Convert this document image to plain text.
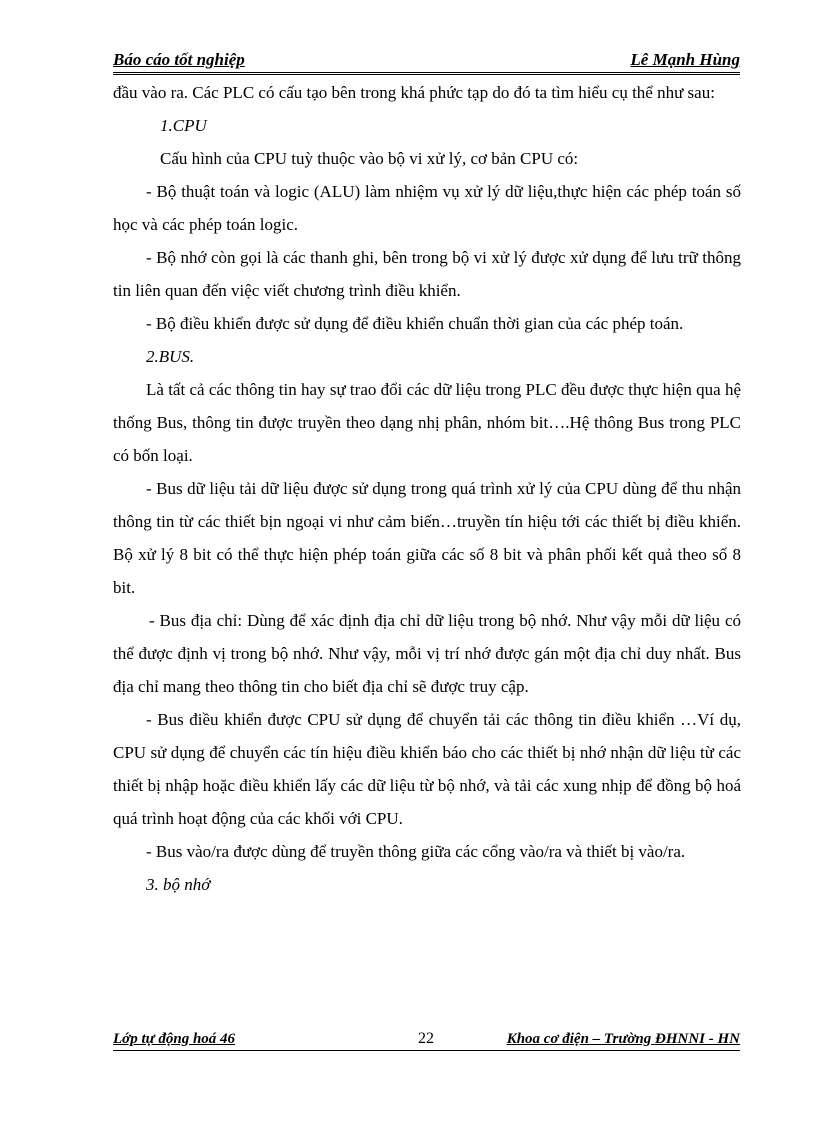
Báo cáo tốt nghiệp	Lê Mạnh Hùng

đầu vào ra. Các PLC có cấu tạo bên trong khá phức tạp do đó ta tìm hiểu cụ thể như sau:

1.CPU

Cấu hình của CPU tuỳ thuộc vào bộ vi xử lý, cơ bản CPU có:

- Bộ thuật toán và logic (ALU) làm nhiệm vụ xử lý dữ liệu,thực hiện các phép toán số học và các phép toán logic.

- Bộ nhớ còn gọi là các thanh ghi, bên trong bộ vi xử lý được xử dụng để lưu trữ thông tin liên quan đến việc viết chương trình điều khiển.

- Bộ điều khiển được sử dụng để điều khiển chuẩn thời gian của các phép toán.

2.BUS.

Là tất cả các thông tin hay sự trao đổi các dữ liệu trong PLC đều được thực hiện qua hệ thống Bus, thông tin được truyền theo dạng nhị phân, nhóm bit….Hệ thông Bus trong PLC có bốn loại.

- Bus dữ liệu tải dữ liệu được sử dụng trong quá trình xử lý của CPU dùng để thu nhận thông tin từ các thiết bịn ngoại vi như cảm biến…truyền tín hiệu tới các thiết bị điều khiển. Bộ xử lý 8 bit có thể thực hiện phép toán giữa các số 8 bit và phân phối kết quả theo số 8 bit.

- Bus địa chỉ: Dùng để xác định địa chỉ dữ liệu trong bộ nhớ. Như vậy mỗi dữ liệu có thể được định vị trong bộ nhớ. Như vậy, mỗi vị trí nhớ được gán một địa chỉ duy nhất. Bus địa chỉ mang theo thông tin cho biết địa chỉ sẽ được truy cập.

- Bus điều khiển được CPU sử dụng để chuyển tải các thông tin điều khiển …Ví dụ, CPU sử dụng để chuyển các tín hiệu điều khiển báo cho các thiết bị nhớ nhận dữ liệu từ các thiết bị nhập hoặc điều khiển lấy các dữ liệu từ bộ nhớ, và tải các xung nhịp để đồng bộ hoá quá trình hoạt động của các khối với CPU.

- Bus vào/ra được dùng để truyền thông giữa các cổng vào/ra và thiết bị vào/ra.

3. bộ nhớ

Lớp tự động hoá 46	22	Khoa cơ điện – Trường ĐHNNI - HN
